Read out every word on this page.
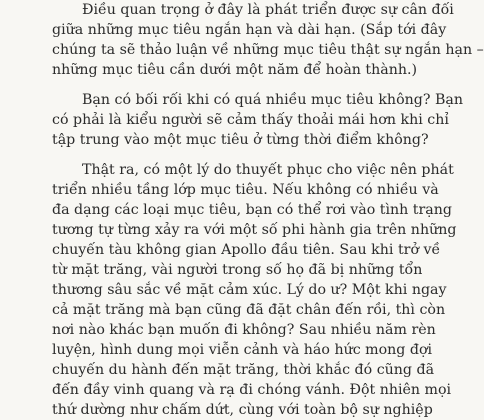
Điều quan trọng ở đây là phát triển được sự cân đối
giữa những mục tiêu ngắn hạn và dài hạn. (Sắp tới đây
chúng ta sẽ thảo luận về những mục tiêu thật sự ngắn hạn –
những mục tiêu cần dưới một năm để hoàn thành.)
Bạn có bối rối khi có quá nhiều mục tiêu không? Bạn
có phải là kiểu người sẽ cảm thấy thoải mái hơn khi chỉ
tập trung vào một mục tiêu ở từng thời điểm không?
Thật ra, có một lý do thuyết phục cho việc nên phát
triển nhiều tầng lớp mục tiêu. Nếu không có nhiều và
đa dạng các loại mục tiêu, bạn có thể rơi vào tình trạng
tương tự từng xảy ra với một số phi hành gia trên những
chuyến tàu không gian Apollo đầu tiên. Sau khi trở về
từ mặt trăng, vài người trong số họ đã bị những tổn
thương sâu sắc về mặt cảm xúc. Lý do ư? Một khi ngay
cả mặt trăng mà bạn cũng đã đặt chân đến rồi, thì còn
nơi nào khác bạn muốn đi không? Sau nhiều năm rèn
luyện, hình dung mọi viễn cảnh và háo hức mong đợi
chuyến du hành đến mặt trăng, thời khắc đó cũng đã
đến đầy vinh quang và rạ đi chóng vánh. Đột nhiên mọi
thứ dường như chấm dứt, cùng với toàn bộ sự nghiệp
